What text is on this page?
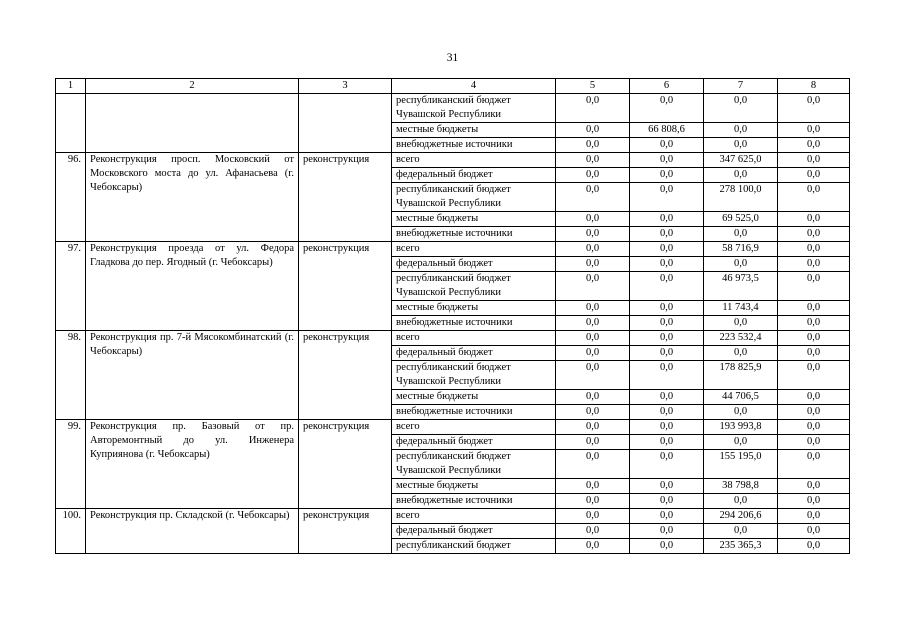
31
1	2	3	4	5	6	7	8
			республиканский бюджет Чувашской Республики	0,0	0,0	0,0	0,0
			местные бюджеты	0,0	66 808,6	0,0	0,0
			внебюджетные источники	0,0	0,0	0,0	0,0
96.	Реконструкция просп. Московский от Московского моста до ул. Афанасьева (г. Чебоксары)	реконструкция	всего	0,0	0,0	347 625,0	0,0
			федеральный бюджет	0,0	0,0	0,0	0,0
			республиканский бюджет Чувашской Республики	0,0	0,0	278 100,0	0,0
			местные бюджеты	0,0	0,0	69 525,0	0,0
			внебюджетные источники	0,0	0,0	0,0	0,0
97.	Реконструкция проезда от ул. Федора Гладкова до пер. Ягодный (г. Чебоксары)	реконструкция	всего	0,0	0,0	58 716,9	0,0
			федеральный бюджет	0,0	0,0	0,0	0,0
			республиканский бюджет Чувашской Республики	0,0	0,0	46 973,5	0,0
			местные бюджеты	0,0	0,0	11 743,4	0,0
			внебюджетные источники	0,0	0,0	0,0	0,0
98.	Реконструкция пр. 7-й Мясокомбинатский (г. Чебоксары)	реконструкция	всего	0,0	0,0	223 532,4	0,0
			федеральный бюджет	0,0	0,0	0,0	0,0
			республиканский бюджет Чувашской Республики	0,0	0,0	178 825,9	0,0
			местные бюджеты	0,0	0,0	44 706,5	0,0
			внебюджетные источники	0,0	0,0	0,0	0,0
99.	Реконструкция пр. Базовый от пр. Авторемонтный до ул. Инженера Куприянова (г. Чебоксары)	реконструкция	всего	0,0	0,0	193 993,8	0,0
			федеральный бюджет	0,0	0,0	0,0	0,0
			республиканский бюджет Чувашской Республики	0,0	0,0	155 195,0	0,0
			местные бюджеты	0,0	0,0	38 798,8	0,0
			внебюджетные источники	0,0	0,0	0,0	0,0
100.	Реконструкция пр. Складской (г. Чебоксары)	реконструкция	всего	0,0	0,0	294 206,6	0,0
			федеральный бюджет	0,0	0,0	0,0	0,0
			республиканский бюджет	0,0	0,0	235 365,3	0,0
